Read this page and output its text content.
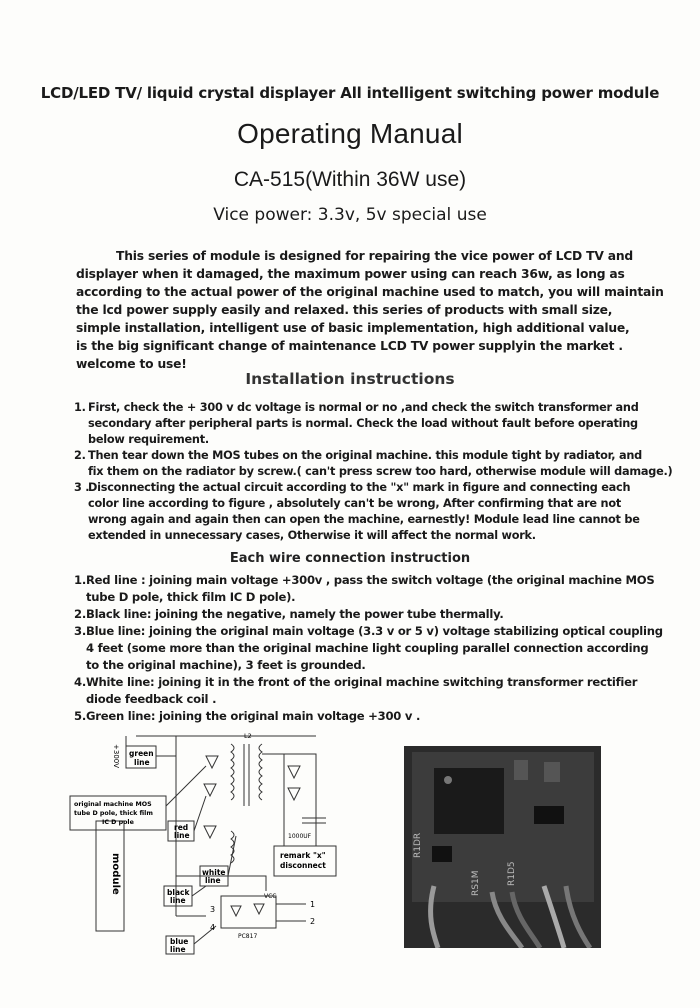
LCD/LED TV/ liquid crystal displayer All intelligent switching power module
Operating Manual
CA-515(Within 36W use)
Vice power: 3.3v, 5v special use
This series of module is designed for repairing the vice power of LCD TV and
displayer when it damaged, the maximum power using can reach 36w, as long as
according to the actual power of the original machine used to match, you will maintain
the lcd power supply easily and relaxed. this series of products with small size,
simple installation, intelligent use of basic implementation, high additional value,
is the big significant change of maintenance LCD TV power supplyin the market .
welcome to use!
Installation instructions
1. First, check the + 300 v dc voltage is normal or no ,and check the switch transformer and
secondary after peripheral parts is normal. Check the load without fault before operating
below requirement.
2. Then tear down the MOS tubes on the original machine. this module tight by radiator, and
fix them on the radiator by screw.( can't press screw too hard, otherwise module will damage.)
3 .
Disconnecting the actual circuit according to the "x" mark in figure and connecting each
color line according to figure , absolutely can't be wrong, After confirming that are not
wrong again and again then can open the machine, earnestly! Module lead line cannot be
extended in unnecessary cases, Otherwise it will affect the normal work.
Each wire connection instruction
1. Red line : joining main voltage +300v , pass the switch voltage (the original machine MOS
tube D pole, thick film IC D pole).
2. Black line: joining the negative, namely the power tube thermally.
3. Blue line: joining the original main voltage (3.3 v or 5 v) voltage stabilizing optical coupling
4 feet (some more than the original machine light coupling parallel connection according
to the original machine), 3 feet is grounded.
4. White line: joining it in the front of the original machine switching transformer rectifier
diode feedback coil .
5. Green line: joining the original main voltage +300 v .
+300V green
line
original machine MOS
tube D pole, thick film
IC D pole
red
line
module	white
line
black
line
blue
line
remark "x"
disconnect
L2
1000UF
VCC
PC817
3
4
1
2
R1DR
RS1M	R1D5
